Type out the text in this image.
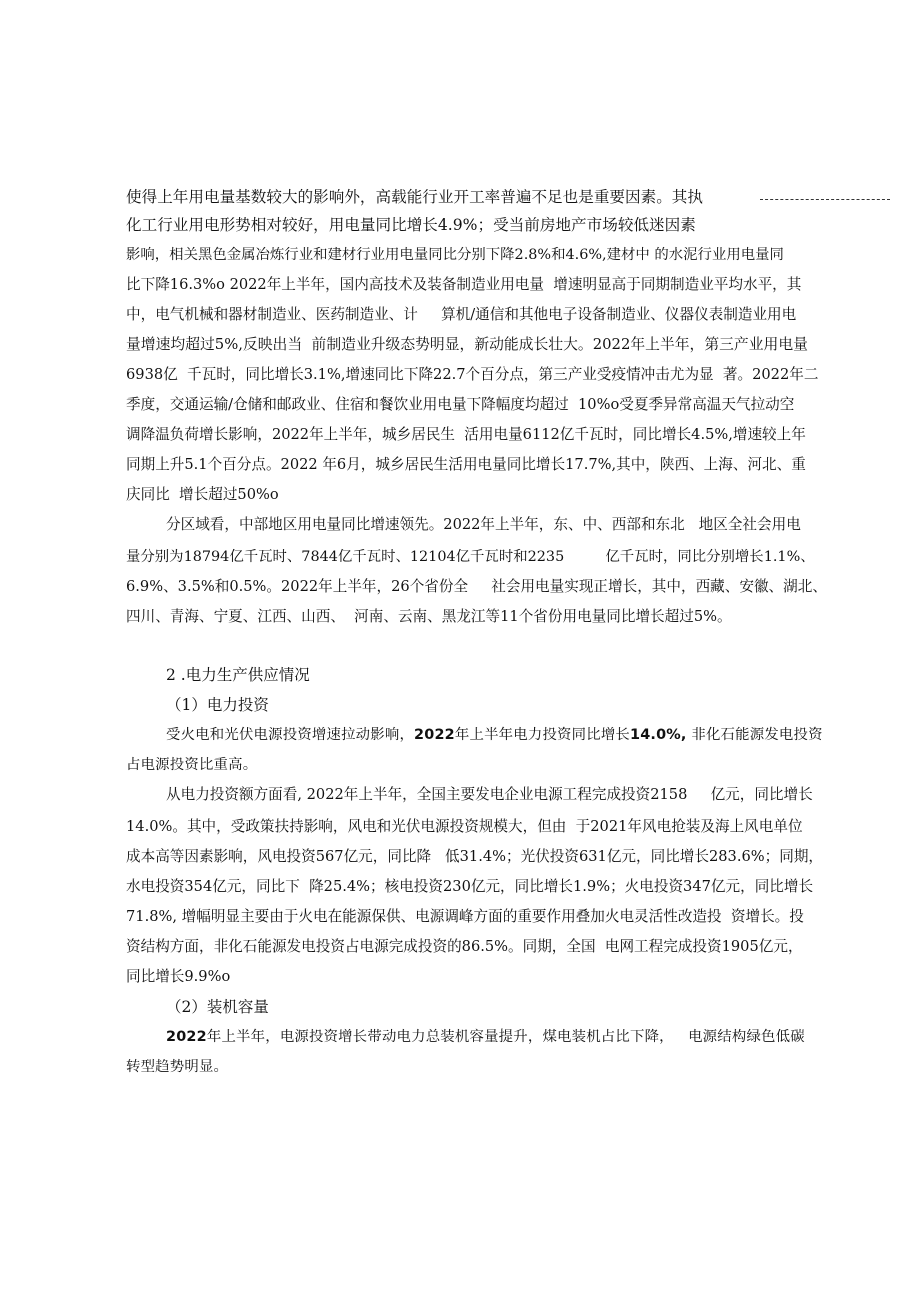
使得上年用电量基数较大的影响外，高载能行业开工率普遍不足也是重要因素。其执

化工行业用电形势相对较好，用电量同比增长4.9%；受当前房地产市场较低迷因素

影响，相关黑色金属冶炼行业和建材行业用电量同比分别下降2.8%和4.6%,建材中 的水泥行业用电量同

比下降16.3%o 2022年上半年，国内高技术及装备制造业用电量  增速明显高于同期制造业平均水平，其

中，电气机械和器材制造业、医药制造业、计     算机/通信和其他电子设备制造业、仪器仪表制造业用电

量增速均超过5%,反映出当  前制造业升级态势明显，新动能成长壮大。2022年上半年，第三产业用电量

6938亿  千瓦时，同比增长3.1%,增速同比下降22.7个百分点，第三产业受疫情冲击尤为显  著。2022年二

季度，交通运输/仓储和邮政业、住宿和餐饮业用电量下降幅度均超过  10%o受夏季异常高温天气拉动空

调降温负荷增长影响，2022年上半年，城乡居民生  活用电量6112亿千瓦时，同比增长4.5%,增速较上年

同期上升5.1个百分点。2022 年6月，城乡居民生活用电量同比增长17.7%,其中，陕西、上海、河北、重

庆同比  增长超过50%o

分区域看，中部地区用电量同比增速领先。2022年上半年，东、中、西部和东北   地区全社会用电

量分别为18794亿千瓦时、7844亿千瓦时、12104亿千瓦时和2235         亿千瓦时，同比分别增长1.1%、

6.9%、3.5%和0.5%。2022年上半年，26个省份全     社会用电量实现正增长，其中，西藏、安徽、湖北、

四川、青海、宁夏、江西、山西、  河南、云南、黑龙江等11个省份用电量同比增长超过5%。

2 .电力生产供应情况

（1）电力投资

受火电和光伏电源投资增速拉动影响，2022年上半年电力投资同比增长14.0%, 非化石能源发电投资

占电源投资比重高。

从电力投资额方面看, 2022年上半年，全国主要发电企业电源工程完成投资2158     亿元，同比增长

14.0%。其中，受政策扶持影响，风电和光伏电源投资规模大，但由  于2021年风电抢装及海上风电单位

成本高等因素影响，风电投资567亿元，同比降   低31.4%；光伏投资631亿元，同比增长283.6%；同期，

水电投资354亿元，同比下  降25.4%；核电投资230亿元，同比增长1.9%；火电投资347亿元，同比增长

71.8%, 增幅明显主要由于火电在能源保供、电源调峰方面的重要作用叠加火电灵活性改造投  资增长。投

资结构方面，非化石能源发电投资占电源完成投资的86.5%。同期，全国  电网工程完成投资1905亿元，

同比增长9.9%o

（2）装机容量

2022年上半年，电源投资增长带动电力总装机容量提升，煤电装机占比下降，   电源结构绿色低碳

转型趋势明显。
